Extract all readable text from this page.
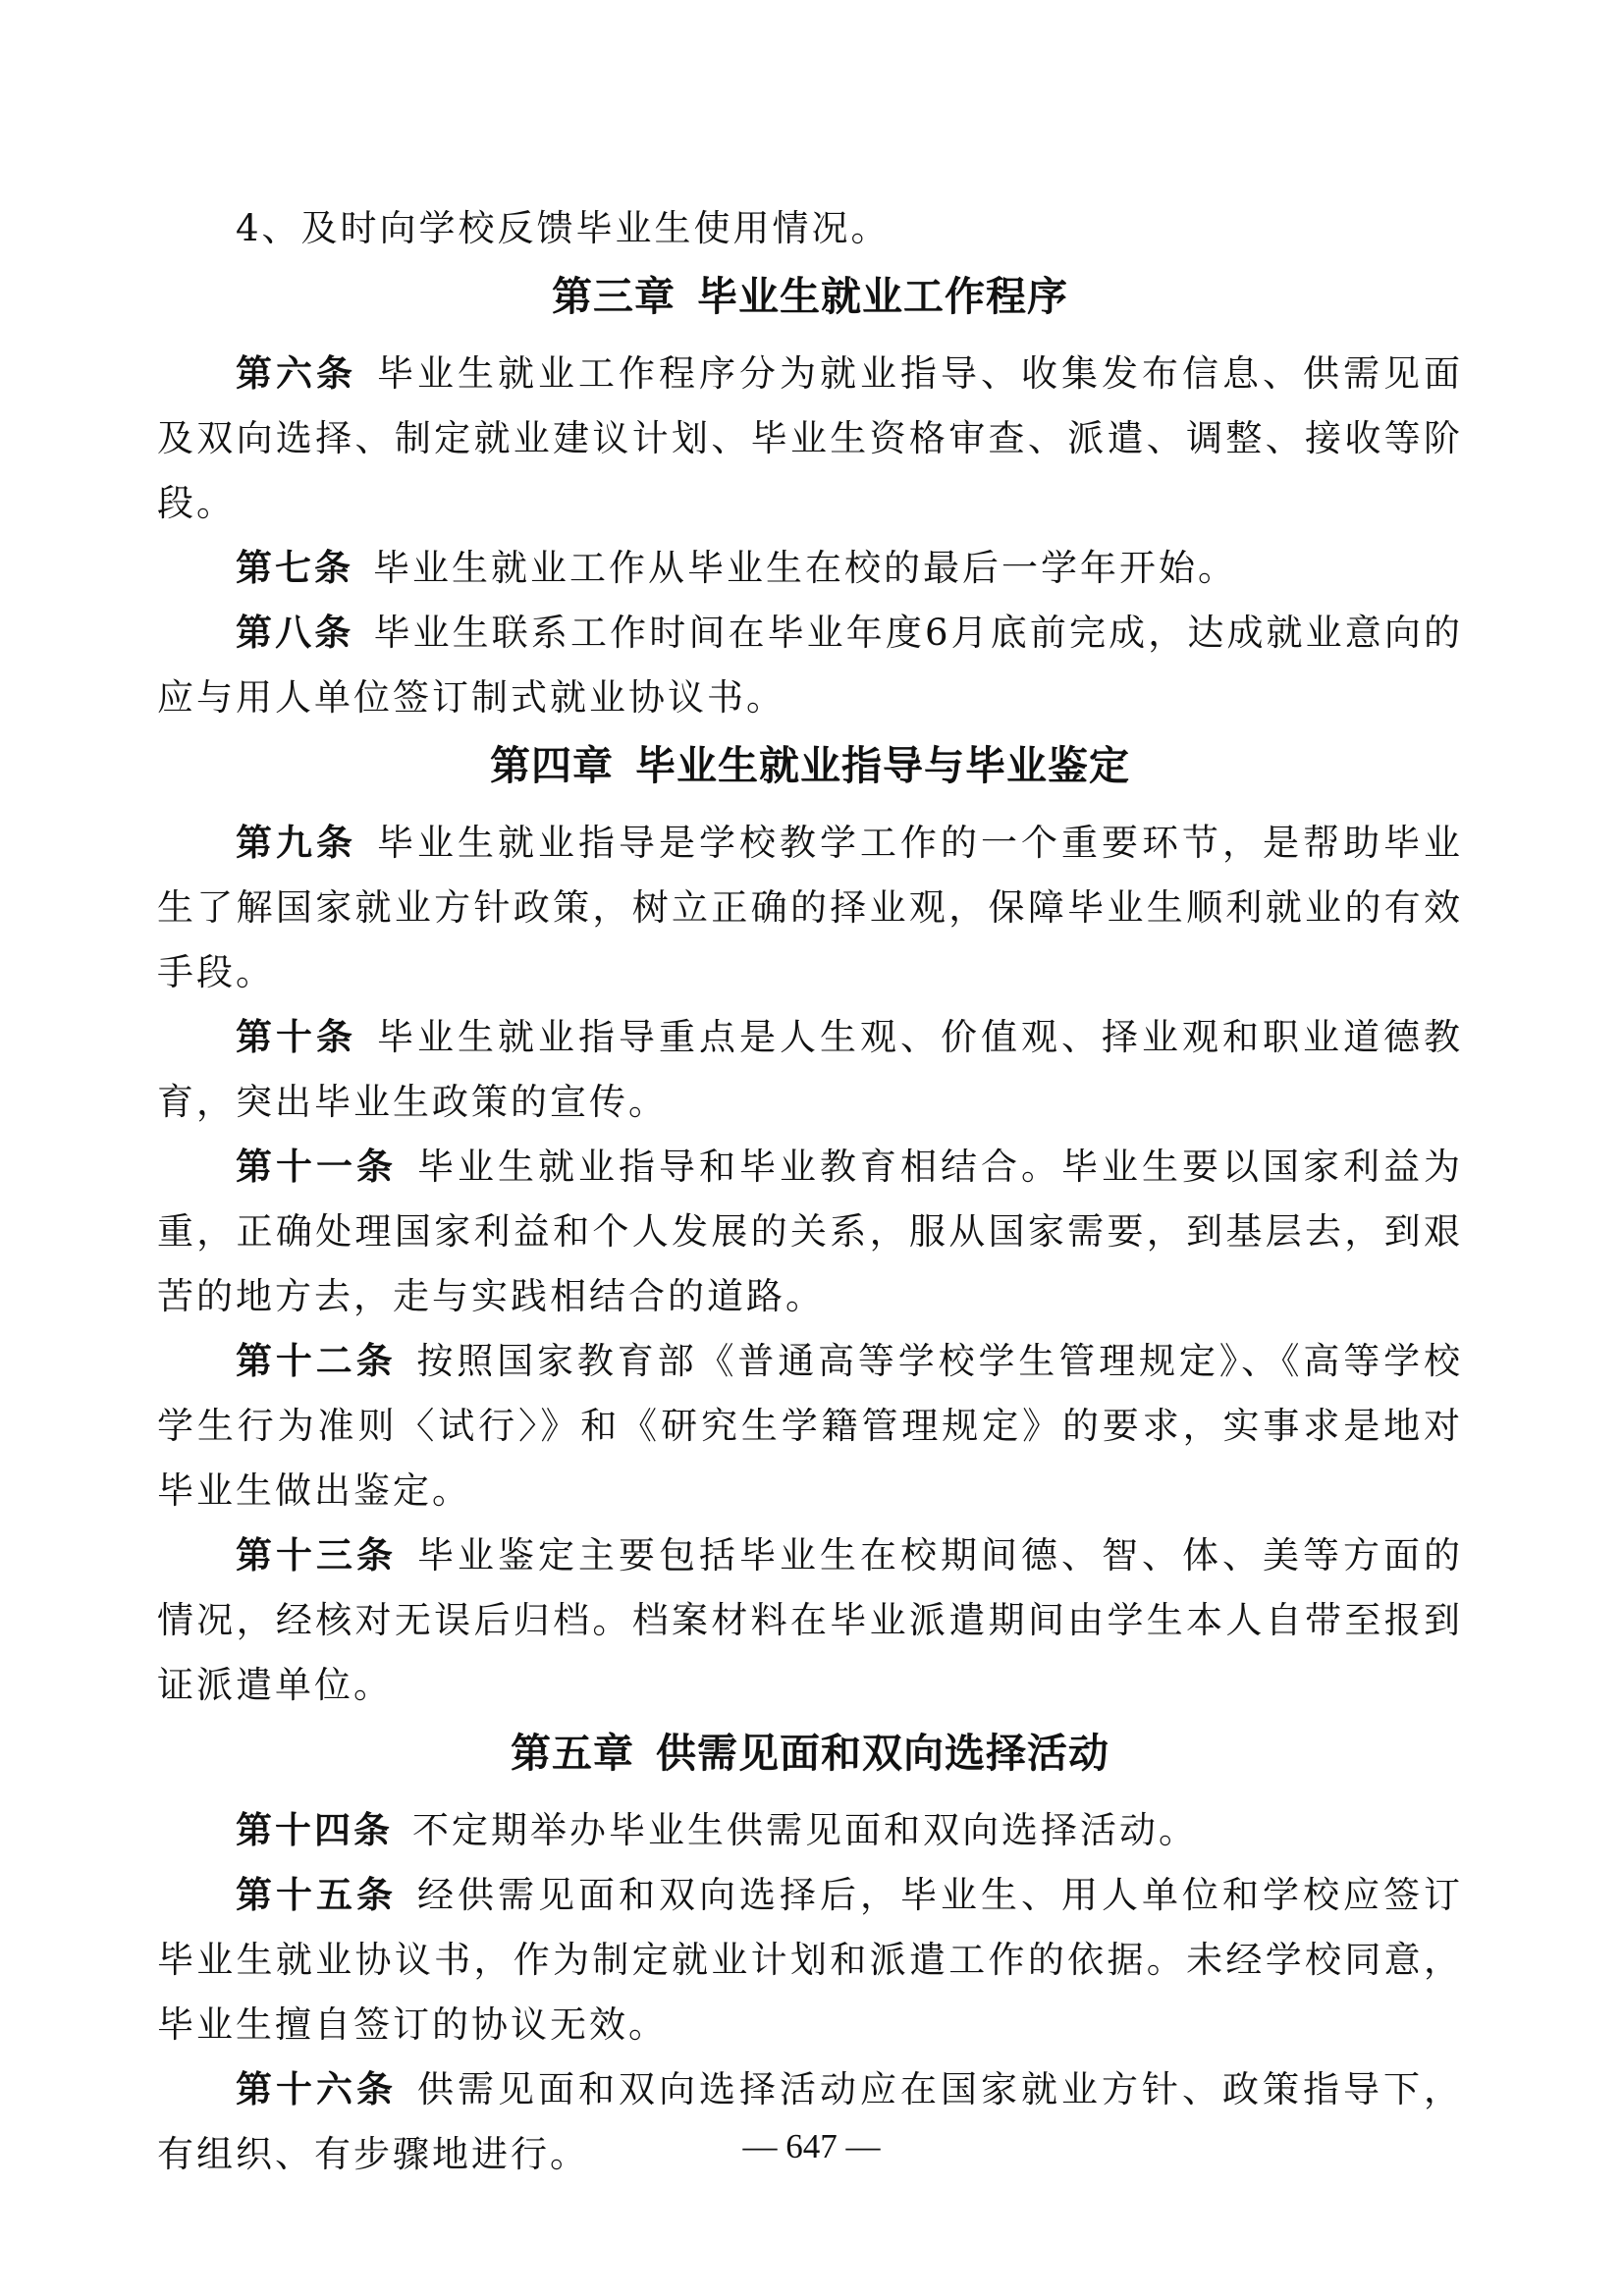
4、及时向学校反馈毕业生使用情况。

第三章 毕业生就业工作程序

第六条 毕业生就业工作程序分为就业指导、收集发布信息、供需见面及双向选择、制定就业建议计划、毕业生资格审查、派遣、调整、接收等阶段。

第七条 毕业生就业工作从毕业生在校的最后一学年开始。

第八条 毕业生联系工作时间在毕业年度6月底前完成，达成就业意向的应与用人单位签订制式就业协议书。

第四章 毕业生就业指导与毕业鉴定

第九条 毕业生就业指导是学校教学工作的一个重要环节，是帮助毕业生了解国家就业方针政策，树立正确的择业观，保障毕业生顺利就业的有效手段。

第十条 毕业生就业指导重点是人生观、价值观、择业观和职业道德教育，突出毕业生政策的宣传。

第十一条 毕业生就业指导和毕业教育相结合。毕业生要以国家利益为重，正确处理国家利益和个人发展的关系，服从国家需要，到基层去，到艰苦的地方去，走与实践相结合的道路。

第十二条 按照国家教育部《普通高等学校学生管理规定》、《高等学校学生行为准则〈试行〉》和《研究生学籍管理规定》的要求，实事求是地对毕业生做出鉴定。

第十三条 毕业鉴定主要包括毕业生在校期间德、智、体、美等方面的情况，经核对无误后归档。档案材料在毕业派遣期间由学生本人自带至报到证派遣单位。

第五章 供需见面和双向选择活动

第十四条 不定期举办毕业生供需见面和双向选择活动。

第十五条 经供需见面和双向选择后，毕业生、用人单位和学校应签订毕业生就业协议书，作为制定就业计划和派遣工作的依据。未经学校同意，毕业生擅自签订的协议无效。

第十六条 供需见面和双向选择活动应在国家就业方针、政策指导下，有组织、有步骤地进行。	— 647 —
